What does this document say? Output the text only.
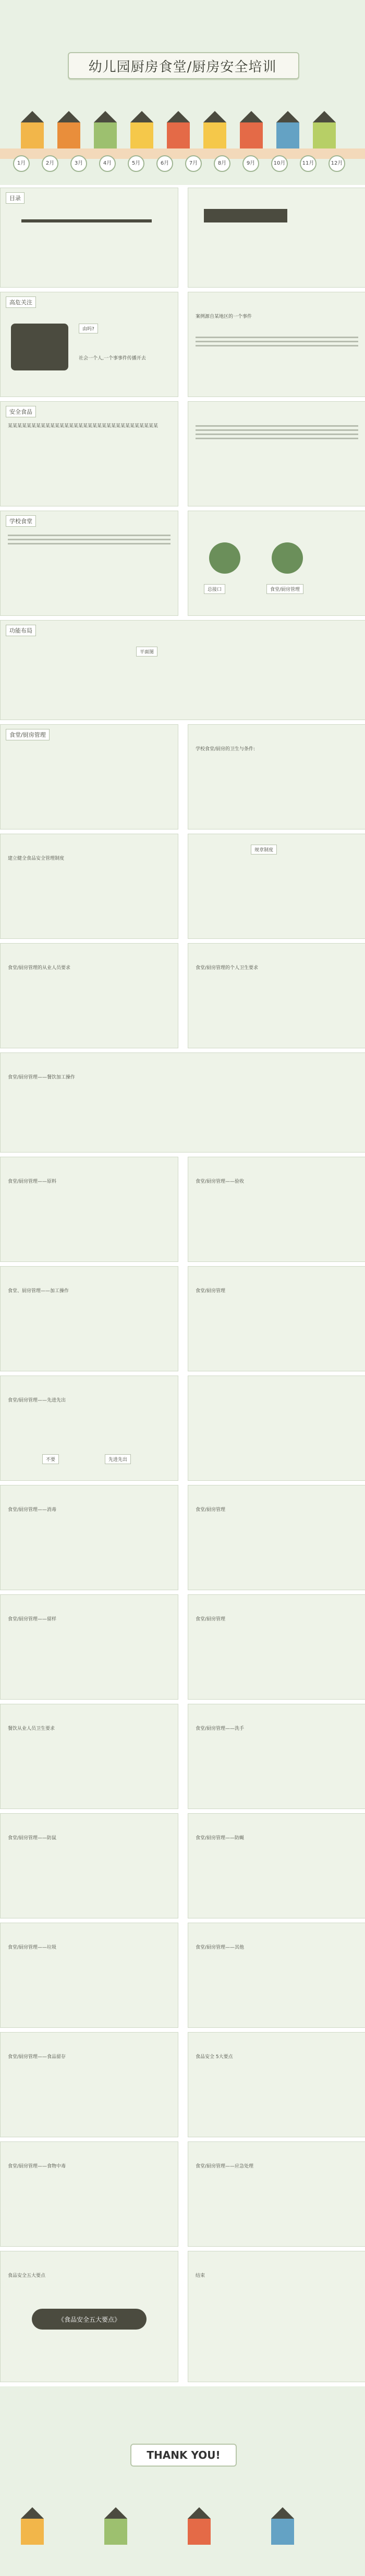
幼儿园厨房食堂/厨房安全培训
1月	2月	3月	4月	5月	6月	7月	8月	9月	10月	11月	12月
目录
高危关注
由吗?
社会一个人,一个事事件传播开去
案例源自某地区的一个事件
安全食品
某某某某某某某某某某某某某某某某某某某某某某某某某某某某某某某某
学校食堂
总接口	食堂/厨房管理
功能布局
平面图
食堂/厨房管理
学校食堂/厨房的卫生与条件:
建立健全食品安全管理制度
规章制度
食堂/厨房管理的从业人员要求	食堂/厨房管理的个人卫生要求
食堂/厨房管理——餐饮加工操作
食堂/厨房管理——原料	食堂/厨房管理——验收
食堂、厨房管理——加工操作	食堂/厨房管理
食堂/厨房管理——先进先出
不要	先进先出
食堂/厨房管理——消毒	食堂/厨房管理
食堂/厨房管理——留样	食堂/厨房管理
餐饮从业人员卫生要求	食堂/厨房管理——洗手
食堂/厨房管理——防鼠	食堂/厨房管理——防蝇
食堂/厨房管理——垃圾	食堂/厨房管理——其他
食堂/厨房管理——食品留存	食品安全 5大要点
食堂/厨房管理——食物中毒	食堂/厨房管理——应急处理
食品安全五大要点
《食品安全五大要点》
结束
THANK YOU!
